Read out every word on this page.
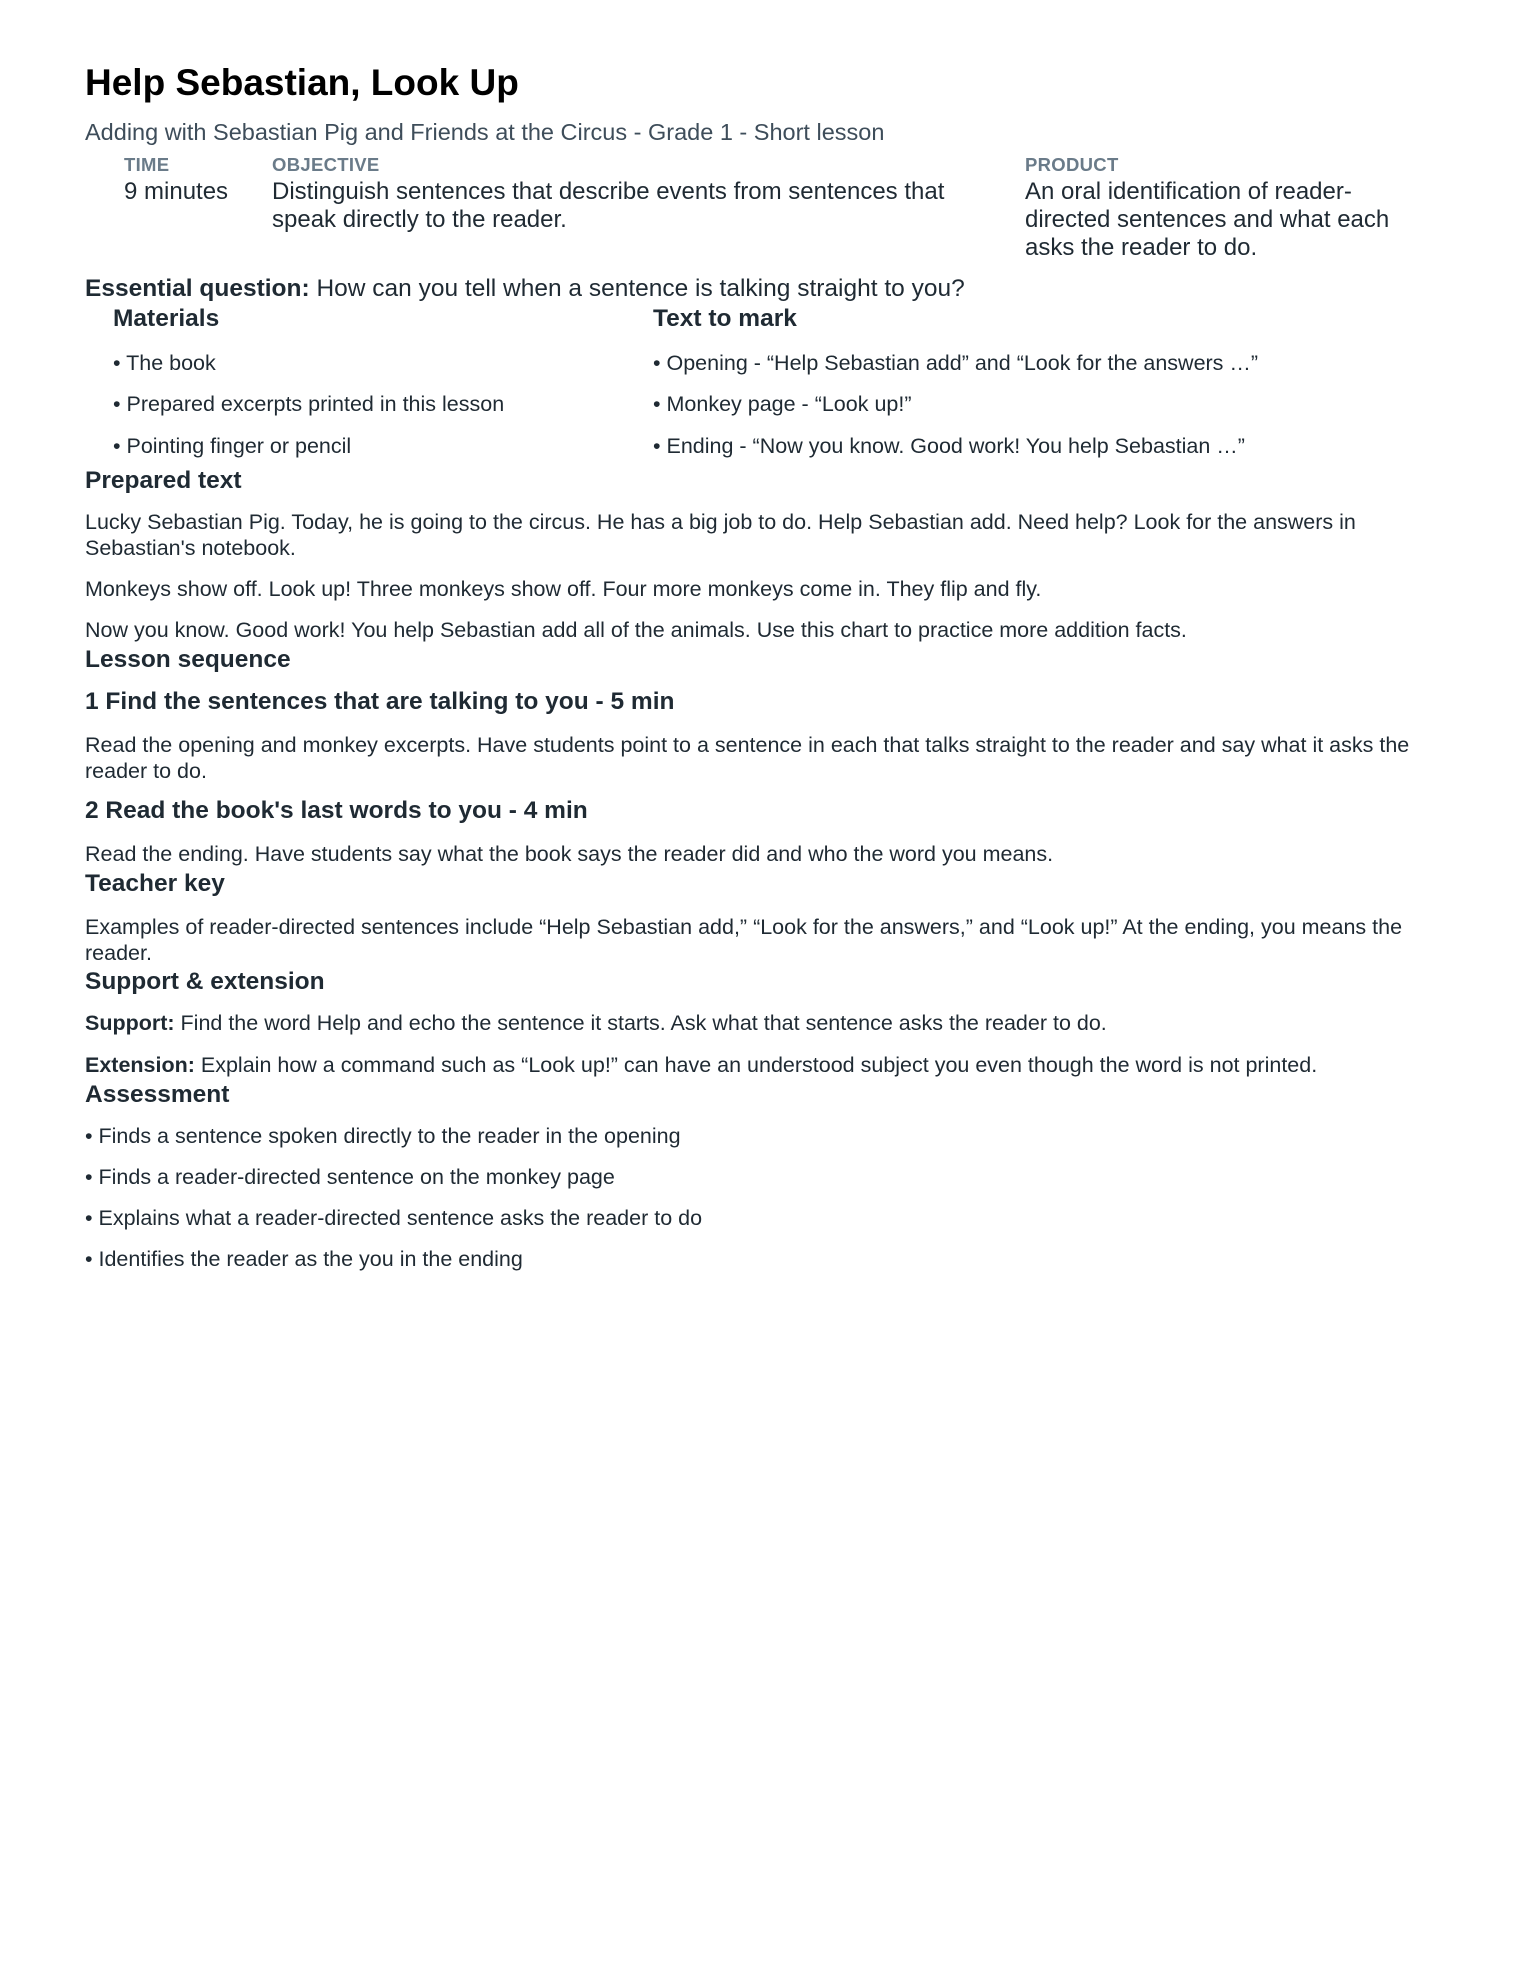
Help Sebastian, Look Up
Adding with Sebastian Pig and Friends at the Circus - Grade 1 - Short lesson
TIME
9 minutes
OBJECTIVE
Distinguish sentences that describe events from sentences that speak directly to the reader.
PRODUCT
An oral identification of reader-directed sentences and what each asks the reader to do.
Essential question: How can you tell when a sentence is talking straight to you?
Materials
• The book
• Prepared excerpts printed in this lesson
• Pointing finger or pencil
Text to mark
• Opening - “Help Sebastian add” and “Look for the answers …”
• Monkey page - “Look up!”
• Ending - “Now you know. Good work! You help Sebastian …”
Prepared text
Lucky Sebastian Pig. Today, he is going to the circus. He has a big job to do. Help Sebastian add. Need help? Look for the answers in Sebastian's notebook.
Monkeys show off. Look up! Three monkeys show off. Four more monkeys come in. They flip and fly.
Now you know. Good work! You help Sebastian add all of the animals. Use this chart to practice more addition facts.
Lesson sequence
1 Find the sentences that are talking to you - 5 min
Read the opening and monkey excerpts. Have students point to a sentence in each that talks straight to the reader and say what it asks the reader to do.
2 Read the book's last words to you - 4 min
Read the ending. Have students say what the book says the reader did and who the word you means.
Teacher key
Examples of reader-directed sentences include “Help Sebastian add,” “Look for the answers,” and “Look up!” At the ending, you means the reader.
Support & extension
Support: Find the word Help and echo the sentence it starts. Ask what that sentence asks the reader to do.
Extension: Explain how a command such as “Look up!” can have an understood subject you even though the word is not printed.
Assessment
• Finds a sentence spoken directly to the reader in the opening
• Finds a reader-directed sentence on the monkey page
• Explains what a reader-directed sentence asks the reader to do
• Identifies the reader as the you in the ending
